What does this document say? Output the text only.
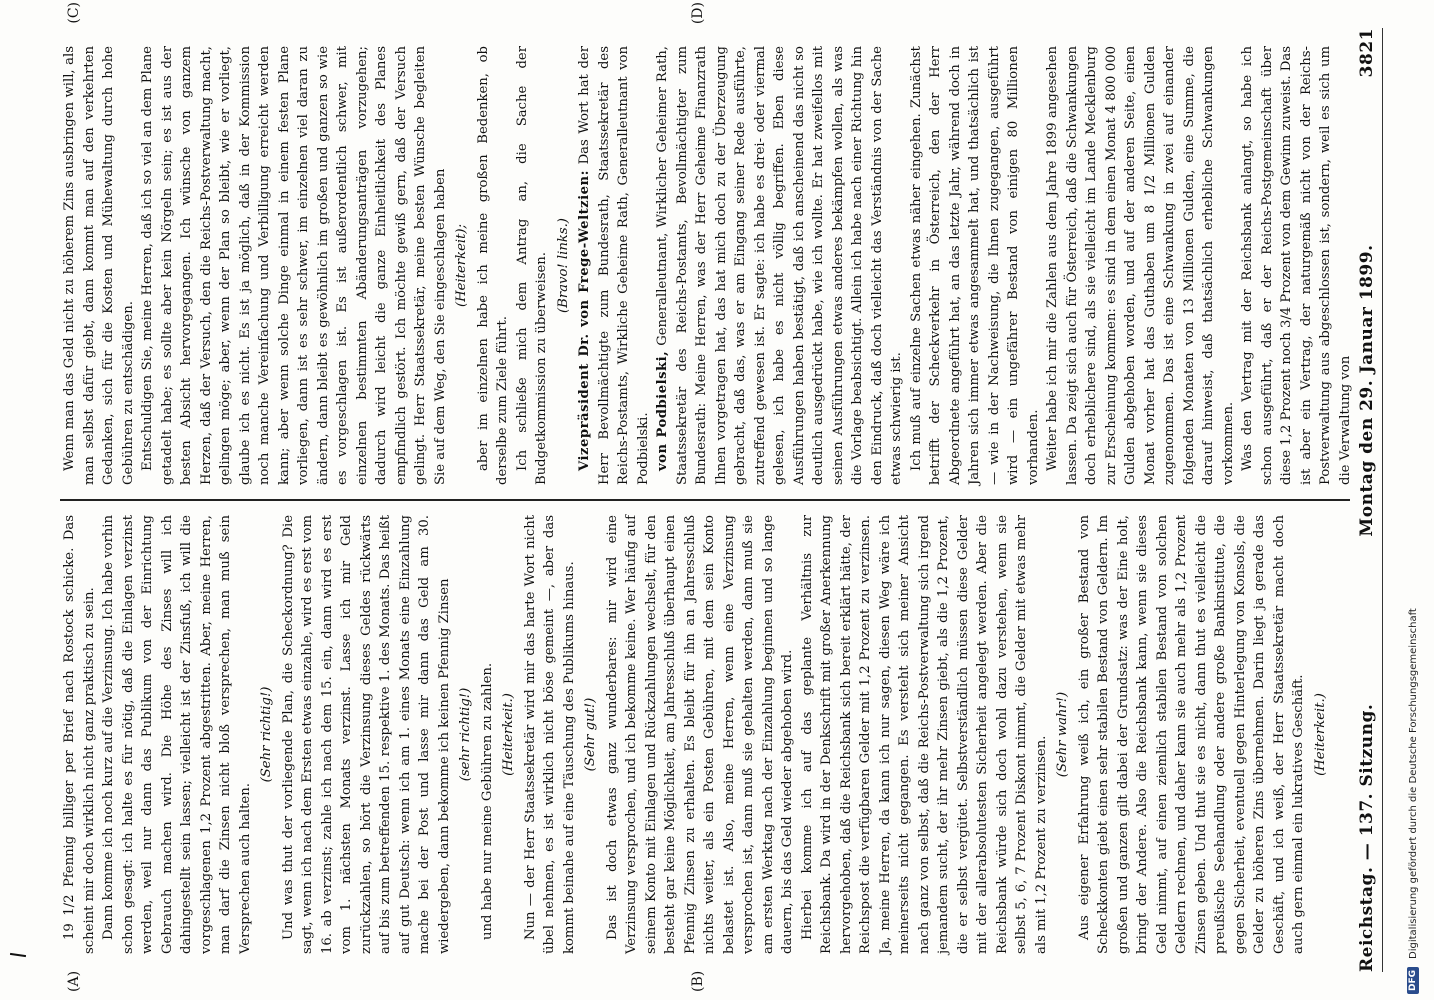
19 1/2 Pfennig billiger per Brief nach Rostock schicke. Das scheint mir doch wirklich nicht ganz praktisch zu sein. Dann komme ich noch kurz auf die Verzinsung. Ich habe vorhin schon gesagt: ich halte es für nötig, daß die Einlagen verzinst werden, weil nur dann das Publikum von der Einrichtung Gebrauch machen wird. Die Höhe des Zinses will ich dahingestellt sein lassen; vielleicht ist der Zinsfuß, ich will die vorgeschlagenen 1,2 Prozent abgestritten. Aber, meine Herren, man darf die Zinsen nicht bloß versprechen, man muß sein Versprechen auch halten.

(Sehr richtig!) Und was thut der vorliegende Plan, die Scheckordnung? Die sagt, wenn ich nach dem Ersten etwas einzahle, wird es erst vom 16. ab verzinst; zahle ich nach dem 15. ein, dann wird es erst vom 1. nächsten Monats verzinst. Lasse ich mir Geld zurückzahlen, so hört die Verzinsung dieses Geldes rückwärts auf bis zum betreffenden 15. respektive 1. des Monats. Das heißt auf gut Deutsch: wenn ich am 1. eines Monats eine Einzahlung mache bei der Post und lasse mir dann das Geld am 30. wiedergeben, dann bekomme ich keinen Pfennig Zinsen (sehr richtig!) und habe nur meine Gebühren zu zahlen. (Heiterkeit.) Nun — der Herr Staatssekretär wird mir das harte Wort nicht übel nehmen, es ist wirklich nicht böse gemeint —, aber das kommt beinahe auf eine Täuschung des Publikums hinaus. (Sehr gut!) Das ist doch etwas ganz wunderbares: mir wird eine Verzinsung versprochen, und ich bekomme keine. Wer häufig auf seinem Konto mit Einlagen und Rückzahlungen wechselt, für den besteht gar keine Möglichkeit, am Jahresschluß überhaupt einen Pfennig Zinsen zu erhalten. Es bleibt für ihn an Jahresschluß nichts weiter, als ein Posten Gebühren, mit dem sein Konto belastet ist. Also, meine Herren, wenn eine Verzinsung versprochen ist, dann muß sie gehalten werden, dann muß sie am ersten Werktag nach der Einzahlung beginnen und so lange dauern, bis das Geld wieder abgehoben wird. Hierbei komme ich auf das geplante Verhältnis zur Reichsbank. Da wird in der Denkschrift mit großer Anerkennung hervorgehoben, daß die Reichsbank sich bereit erklärt hätte, der Reichspost die verfügbaren Gelder mit 1,2 Prozent zu verzinsen. Ja, meine Herren, da kann ich nur sagen, diesen Weg wäre ich meinerseits nicht gegangen. Es versteht sich meiner Ansicht nach ganz von selbst, daß die Reichs-Postverwaltung sich irgend jemandem sucht, der ihr mehr Zinsen giebt, als die 1,2 Prozent, die er selbst vergütet. Selbstverständlich müssen diese Gelder mit der allerabsolutesten Sicherheit angelegt werden. Aber die Reichsbank würde sich doch wohl dazu verstehen, wenn sie selbst 5, 6, 7 Prozent Diskont nimmt, die Gelder mit etwas mehr als mit 1,2 Prozent zu verzinsen.

(Sehr wahr!) Aus eigener Erfahrung weiß ich, ein großer Bestand von Scheckkonten giebt einen sehr stabilen Bestand von Geldern. Im großen und ganzen gilt dabei der Grundsatz: was der Eine holt, bringt der Andere. Also die Reichsbank kann, wenn sie dieses Geld nimmt, auf einen ziemlich stabilen Bestand von solchen Geldern rechnen, und daher kann sie auch mehr als 1,2 Prozent Zinsen geben. Und thut sie es nicht, dann thut es vielleicht die preußische Seehandlung oder andere große Bankinstitute, die gegen Sicherheit, eventuell gegen Hinterlegung von Konsols, die Gelder zu höheren Zins übernehmen. Darin liegt ja gerade das Geschäft, und ich weiß, der Herr Staatssekretär macht doch auch gern einmal ein lukratives Geschäft. (Heiterkeit.)

Wenn man das Geld nicht zu höherem Zins ausbringen will, als man selbst dafür giebt, dann kommt man auf den verkehrten Gedanken, sich für die Kosten und Mühewaltung durch hohe Gebühren zu entschädigen. Entschuldigen Sie, meine Herren, daß ich so viel an dem Plane getadelt habe; es sollte aber kein Nörgeln sein; es ist aus der besten Absicht hervorgegangen. Ich wünsche von ganzem Herzen, daß der Versuch, den die Reichs-Postverwaltung macht, gelingen möge; aber, wenn der Plan so bleibt, wie er vorliegt, glaube ich es nicht. Es ist ja möglich, daß in der Kommission noch manche Vereinfachung und Verbilligung erreicht werden kann; aber wenn solche Dinge einmal in einem festen Plane vorliegen, dann ist es sehr schwer, im einzelnen viel daran zu ändern, dann bleibt es gewöhnlich im großen und ganzen so wie es vorgeschlagen ist. Es ist außerordentlich schwer, mit einzelnen bestimmten Abänderungsanträgen vorzugehen; dadurch wird leicht die ganze Einheitlichkeit des Planes empfindlich gestört. Ich möchte gewiß gern, daß der Versuch gelingt. Herr Staatssekretär, meine besten Wünsche begleiten Sie auf dem Weg, den Sie eingeschlagen haben (Heiterkeit); aber im einzelnen habe ich meine großen Bedenken, ob derselbe zum Ziele führt. Ich schließe mich dem Antrag an, die Sache der Budgetkommission zu überweisen. (Bravo! links.) Vizepräsident Dr. von Frege-Weltzien: Das Wort hat der Herr Bevollmächtigte zum Bundesrath, Staatssekretär des Reichs-Postamts, Wirkliche Geheime Rath, Generalleutnant von Podbielski. von Podbielski, Generalleutnant, Wirklicher Geheimer Rath, Staatssekretär des Reichs-Postamts, Bevollmächtigter zum Bundesrath: Meine Herren, was der Herr Geheime Finanzrath Ihnen vorgetragen hat, das hat mich doch zu der Überzeugung gebracht, daß das, was er am Eingang seiner Rede ausführte, zutreffend gewesen ist. Er sagte: ich habe es drei- oder viermal gelesen, ich habe es nicht völlig begriffen. Eben diese Ausführungen haben bestätigt, daß ich anscheinend das nicht so deutlich ausgedrückt habe, wie ich wollte. Er hat zweifellos mit seinen Ausführungen etwas anderes bekämpfen wollen, als was die Vorlage beabsichtigt. Allein ich habe nach einer Richtung hin den Eindruck, daß doch vielleicht das Verständnis von der Sache etwas schwierig ist. Ich muß auf einzelne Sachen etwas näher eingehen. Zunächst betrifft der Scheckverkehr in Österreich, den der Herr Abgeordnete angeführt hat, an das letzte Jahr, während doch in Jahren sich immer etwas angesammelt hat, und thatsächlich ist — wie in der Nachweisung, die Ihnen zugegangen, ausgeführt wird — ein ungefährer Bestand von einigen 80 Millionen vorhanden. Weiter habe ich mir die Zahlen aus dem Jahre 1899 angesehen lassen. Da zeigt sich auch für Österreich, daß die Schwankungen doch erheblichere sind, als sie vielleicht im Lande Mecklenburg zur Erscheinung kommen: es sind in dem einen Monat 4 800 000 Gulden abgehoben worden, und auf der anderen Seite, einen Monat vorher hat das Guthaben um 8 1/2 Millionen Gulden zugenommen. Das ist eine Schwankung in zwei auf einander folgenden Monaten von 13 Millionen Gulden, eine Summe, die darauf hinweist, daß thatsächlich erhebliche Schwankungen vorkommen. Was den Vertrag mit der Reichsbank anlangt, so habe ich schon ausgeführt, daß er der Reichs-Postgemeinschaft über diese 1,2 Prozent noch 3/4 Prozent von dem Gewinn zuweist. Das ist aber ein Vertrag, der naturgemäß nicht von der Reichs-Postverwaltung aus abgeschlossen ist, sondern, weil es sich um die Verwaltung von

(A)	(B)
(C)	(D)
Reichstag. — 137. Sitzung.
Montag den 29. Januar 1899.
3821
DFG
Digitalisierung gefördert durch die Deutsche Forschungsgemeinschaft
